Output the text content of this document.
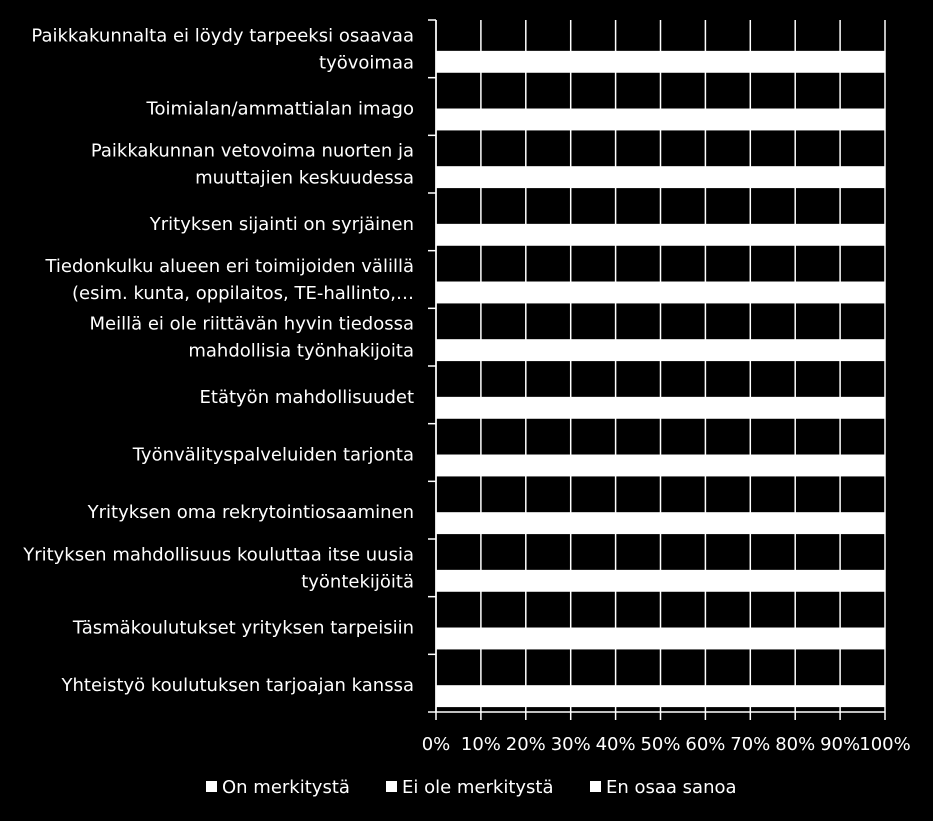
Paikkakunnalta ei löydy tarpeeksi osaavaa työvoimaa
Toimialan/ammattialan imago
Paikkakunnan vetovoima nuorten ja muuttajien keskuudessa
Yrityksen sijainti on syrjäinen
Tiedonkulku alueen eri toimijoiden välillä (esim. kunta, oppilaitos, TE-hallinto,…
Meillä ei ole riittävän hyvin tiedossa mahdollisia työnhakijoita
Etätyön mahdollisuudet
Työnvälityspalveluiden tarjonta
Yrityksen oma rekrytointiosaaminen
Yrityksen mahdollisuus kouluttaa itse uusia työntekijöitä
Täsmäkoulutukset yrityksen tarpeisiin
Yhteistyö koulutuksen tarjoajan kanssa
0% 10% 20% 30% 40% 50% 60% 70% 80% 90% 100%
On merkitystä	Ei ole merkitystä	En osaa sanoa
